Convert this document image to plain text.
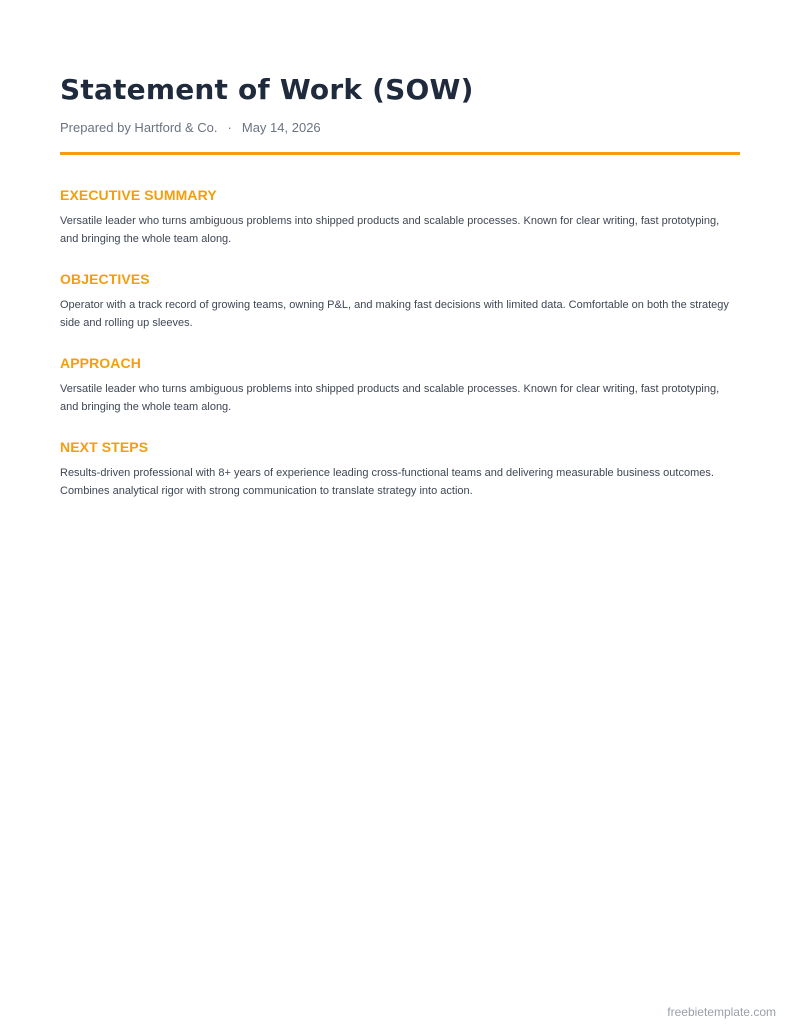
Statement of Work (SOW)
Prepared by Hartford & Co. · May 14, 2026
EXECUTIVE SUMMARY

Versatile leader who turns ambiguous problems into shipped products and scalable processes. Known for clear writing, fast prototyping, and bringing the whole team along.

OBJECTIVES

Operator with a track record of growing teams, owning P&L, and making fast decisions with limited data. Comfortable on both the strategy side and rolling up sleeves.

APPROACH

Versatile leader who turns ambiguous problems into shipped products and scalable processes. Known for clear writing, fast prototyping, and bringing the whole team along.

NEXT STEPS

Results-driven professional with 8+ years of experience leading cross-functional teams and delivering measurable business outcomes. Combines analytical rigor with strong communication to translate strategy into action.

freebietemplate.com
